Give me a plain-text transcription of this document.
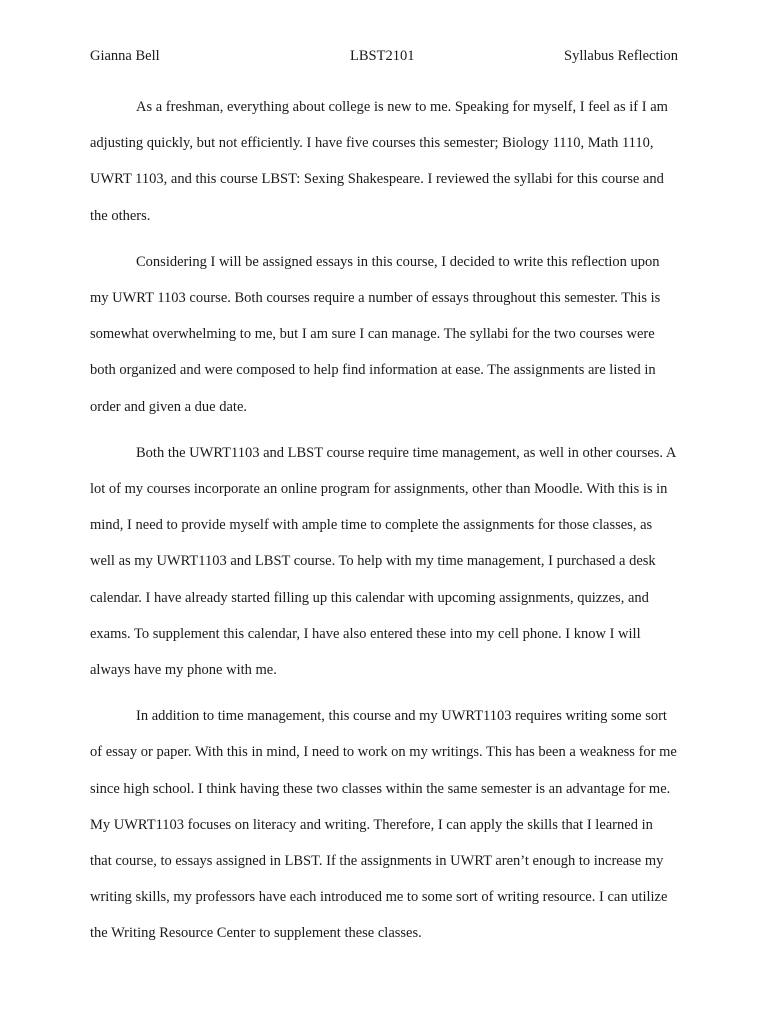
Gianna Bell	LBST2101	Syllabus Reflection

As a freshman, everything about college is new to me. Speaking for myself, I feel as if I am adjusting quickly, but not efficiently. I have five courses this semester; Biology 1110, Math 1110, UWRT 1103, and this course LBST: Sexing Shakespeare. I reviewed the syllabi for this course and the others.

Considering I will be assigned essays in this course, I decided to write this reflection upon my UWRT 1103 course. Both courses require a number of essays throughout this semester. This is somewhat overwhelming to me, but I am sure I can manage. The syllabi for the two courses were both organized and were composed to help find information at ease. The assignments are listed in order and given a due date.

Both the UWRT1103 and LBST course require time management, as well in other courses. A lot of my courses incorporate an online program for assignments, other than Moodle. With this is in mind, I need to provide myself with ample time to complete the assignments for those classes, as well as my UWRT1103 and LBST course. To help with my time management, I purchased a desk calendar. I have already started filling up this calendar with upcoming assignments, quizzes, and exams. To supplement this calendar, I have also entered these into my cell phone. I know I will always have my phone with me.

In addition to time management, this course and my UWRT1103 requires writing some sort of essay or paper. With this in mind, I need to work on my writings. This has been a weakness for me since high school. I think having these two classes within the same semester is an advantage for me. My UWRT1103 focuses on literacy and writing. Therefore, I can apply the skills that I learned in that course, to essays assigned in LBST. If the assignments in UWRT aren’t enough to increase my writing skills, my professors have each introduced me to some sort of writing resource. I can utilize the Writing Resource Center to supplement these classes.
